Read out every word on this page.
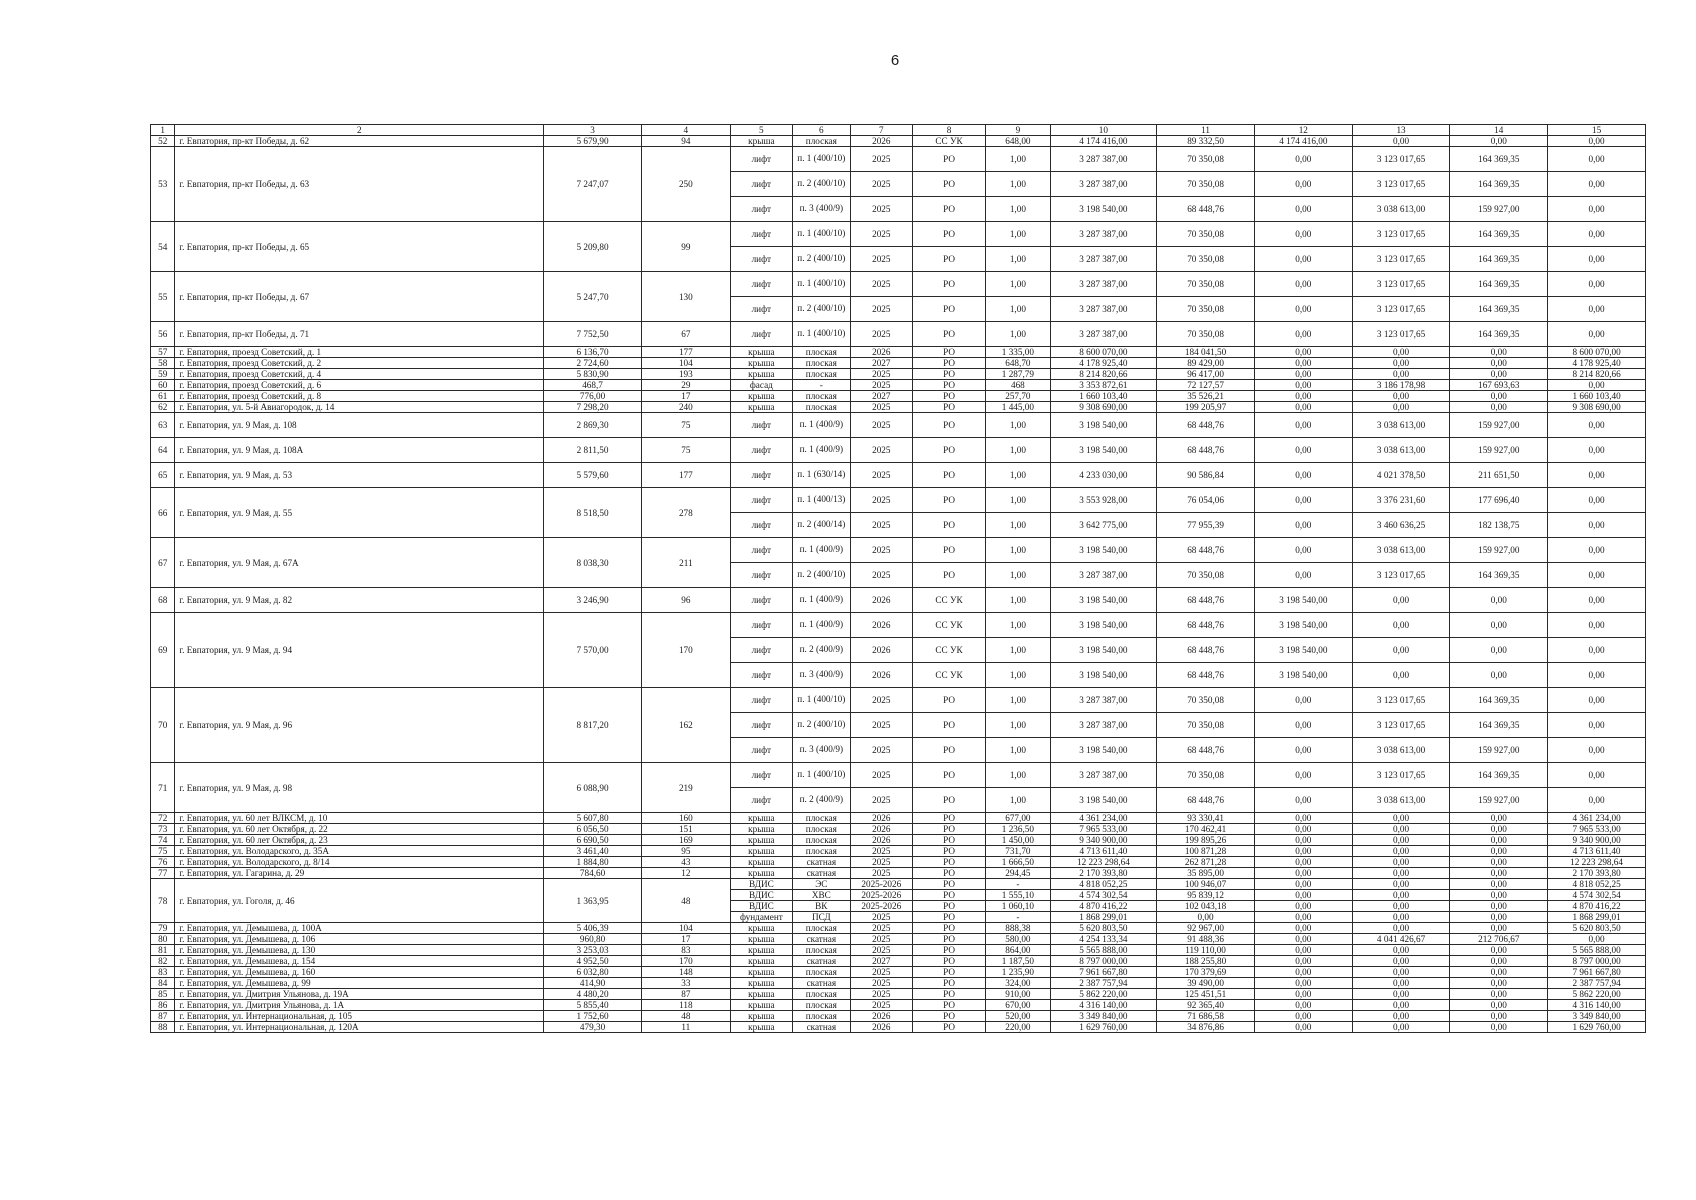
6
1	2	3	4	5	6	7	8	9	10	11	12	13	14	15
52	г. Евпатория, пр-кт Победы, д. 62	5 679,90	94	крыша	плоская	2026	СС УК	648,00	4 174 416,00	89 332,50	4 174 416,00	0,00	0,00	0,00
53	г. Евпатория, пр-кт Победы, д. 63	7 247,07	250	лифт	п. 1 (400/10)	2025	РО	1,00	3 287 387,00	70 350,08	0,00	3 123 017,65	164 369,35	0,00
				лифт	п. 2 (400/10)	2025	РО	1,00	3 287 387,00	70 350,08	0,00	3 123 017,65	164 369,35	0,00
				лифт	п. 3 (400/9)	2025	РО	1,00	3 198 540,00	68 448,76	0,00	3 038 613,00	159 927,00	0,00
54	г. Евпатория, пр-кт Победы, д. 65	5 209,80	99	лифт	п. 1 (400/10)	2025	РО	1,00	3 287 387,00	70 350,08	0,00	3 123 017,65	164 369,35	0,00
				лифт	п. 2 (400/10)	2025	РО	1,00	3 287 387,00	70 350,08	0,00	3 123 017,65	164 369,35	0,00
55	г. Евпатория, пр-кт Победы, д. 67	5 247,70	130	лифт	п. 1 (400/10)	2025	РО	1,00	3 287 387,00	70 350,08	0,00	3 123 017,65	164 369,35	0,00
				лифт	п. 2 (400/10)	2025	РО	1,00	3 287 387,00	70 350,08	0,00	3 123 017,65	164 369,35	0,00
56	г. Евпатория, пр-кт Победы, д. 71	7 752,50	67	лифт	п. 1 (400/10)	2025	РО	1,00	3 287 387,00	70 350,08	0,00	3 123 017,65	164 369,35	0,00
57	г. Евпатория, проезд Советский, д. 1	6 136,70	177	крыша	плоская	2026	РО	1 335,00	8 600 070,00	184 041,50	0,00	0,00	0,00	8 600 070,00
58	г. Евпатория, проезд Советский, д. 2	2 724,60	104	крыша	плоская	2027	РО	648,70	4 178 925,40	89 429,00	0,00	0,00	0,00	4 178 925,40
59	г. Евпатория, проезд Советский, д. 4	5 830,90	193	крыша	плоская	2025	РО	1 287,79	8 214 820,66	96 417,00	0,00	0,00	0,00	8 214 820,66
60	г. Евпатория, проезд Советский, д. 6	468,7	29	фасад	-	2025	РО	468	3 353 872,61	72 127,57	0,00	3 186 178,98	167 693,63	0,00
61	г. Евпатория, проезд Советский, д. 8	776,00	17	крыша	плоская	2027	РО	257,70	1 660 103,40	35 526,21	0,00	0,00	0,00	1 660 103,40
62	г. Евпатория, ул. 5-й Авиагородок, д. 14	7 298,20	240	крыша	плоская	2025	РО	1 445,00	9 308 690,00	199 205,97	0,00	0,00	0,00	9 308 690,00
63	г. Евпатория, ул. 9 Мая, д. 108	2 869,30	75	лифт	п. 1 (400/9)	2025	РО	1,00	3 198 540,00	68 448,76	0,00	3 038 613,00	159 927,00	0,00
64	г. Евпатория, ул. 9 Мая, д. 108А	2 811,50	75	лифт	п. 1 (400/9)	2025	РО	1,00	3 198 540,00	68 448,76	0,00	3 038 613,00	159 927,00	0,00
65	г. Евпатория, ул. 9 Мая, д. 53	5 579,60	177	лифт	п. 1 (630/14)	2025	РО	1,00	4 233 030,00	90 586,84	0,00	4 021 378,50	211 651,50	0,00
66	г. Евпатория, ул. 9 Мая, д. 55	8 518,50	278	лифт	п. 1 (400/13)	2025	РО	1,00	3 553 928,00	76 054,06	0,00	3 376 231,60	177 696,40	0,00
				лифт	п. 2 (400/14)	2025	РО	1,00	3 642 775,00	77 955,39	0,00	3 460 636,25	182 138,75	0,00
67	г. Евпатория, ул. 9 Мая, д. 67А	8 038,30	211	лифт	п. 1 (400/9)	2025	РО	1,00	3 198 540,00	68 448,76	0,00	3 038 613,00	159 927,00	0,00
				лифт	п. 2 (400/10)	2025	РО	1,00	3 287 387,00	70 350,08	0,00	3 123 017,65	164 369,35	0,00
68	г. Евпатория, ул. 9 Мая, д. 82	3 246,90	96	лифт	п. 1 (400/9)	2026	СС УК	1,00	3 198 540,00	68 448,76	3 198 540,00	0,00	0,00	0,00
69	г. Евпатория, ул. 9 Мая, д. 94	7 570,00	170	лифт	п. 1 (400/9)	2026	СС УК	1,00	3 198 540,00	68 448,76	3 198 540,00	0,00	0,00	0,00
				лифт	п. 2 (400/9)	2026	СС УК	1,00	3 198 540,00	68 448,76	3 198 540,00	0,00	0,00	0,00
				лифт	п. 3 (400/9)	2026	СС УК	1,00	3 198 540,00	68 448,76	3 198 540,00	0,00	0,00	0,00
70	г. Евпатория, ул. 9 Мая, д. 96	8 817,20	162	лифт	п. 1 (400/10)	2025	РО	1,00	3 287 387,00	70 350,08	0,00	3 123 017,65	164 369,35	0,00
				лифт	п. 2 (400/10)	2025	РО	1,00	3 287 387,00	70 350,08	0,00	3 123 017,65	164 369,35	0,00
				лифт	п. 3 (400/9)	2025	РО	1,00	3 198 540,00	68 448,76	0,00	3 038 613,00	159 927,00	0,00
71	г. Евпатория, ул. 9 Мая, д. 98	6 088,90	219	лифт	п. 1 (400/10)	2025	РО	1,00	3 287 387,00	70 350,08	0,00	3 123 017,65	164 369,35	0,00
				лифт	п. 2 (400/9)	2025	РО	1,00	3 198 540,00	68 448,76	0,00	3 038 613,00	159 927,00	0,00
72	г. Евпатория, ул. 60 лет ВЛКСМ, д. 10	5 607,80	160	крыша	плоская	2026	РО	677,00	4 361 234,00	93 330,41	0,00	0,00	0,00	4 361 234,00
73	г. Евпатория, ул. 60 лет Октября, д. 22	6 056,50	151	крыша	плоская	2026	РО	1 236,50	7 965 533,00	170 462,41	0,00	0,00	0,00	7 965 533,00
74	г. Евпатория, ул. 60 лет Октября, д. 23	6 690,50	169	крыша	плоская	2026	РО	1 450,00	9 340 900,00	199 895,26	0,00	0,00	0,00	9 340 900,00
75	г. Евпатория, ул. Володарского, д. 35А	3 461,40	95	крыша	плоская	2025	РО	731,70	4 713 611,40	100 871,28	0,00	0,00	0,00	4 713 611,40
76	г. Евпатория, ул. Володарского, д. 8/14	1 884,80	43	крыша	скатная	2025	РО	1 666,50	12 223 298,64	262 871,28	0,00	0,00	0,00	12 223 298,64
77	г. Евпатория, ул. Гагарина, д. 29	784,60	12	крыша	скатная	2025	РО	294,45	2 170 393,80	35 895,00	0,00	0,00	0,00	2 170 393,80
78	г. Евпатория, ул. Гоголя, д. 46	1 363,95	48	ВДИС	ЭС	2025-2026	РО	-	4 818 052,25	100 946,07	0,00	0,00	0,00	4 818 052,25
				ВДИС	ХВС	2025-2026	РО	1 555,10	4 574 302,54	95 839,12	0,00	0,00	0,00	4 574 302,54
				ВДИС	ВК	2025-2026	РО	1 060,10	4 870 416,22	102 043,18	0,00	0,00	0,00	4 870 416,22
				фундамент	ПСД	2025	РО	-	1 868 299,01	0,00	0,00	0,00	0,00	1 868 299,01
79	г. Евпатория, ул. Демышева, д. 100А	5 406,39	104	крыша	плоская	2025	РО	888,38	5 620 803,50	92 967,00	0,00	0,00	0,00	5 620 803,50
80	г. Евпатория, ул. Демышева, д. 106	960,80	17	крыша	скатная	2025	РО	580,00	4 254 133,34	91 488,36	0,00	4 041 426,67	212 706,67	0,00
81	г. Евпатория, ул. Демышева, д. 130	3 253,03	83	крыша	плоская	2025	РО	864,00	5 565 888,00	119 110,00	0,00	0,00	0,00	5 565 888,00
82	г. Евпатория, ул. Демышева, д. 154	4 952,50	170	крыша	скатная	2027	РО	1 187,50	8 797 000,00	188 255,80	0,00	0,00	0,00	8 797 000,00
83	г. Евпатория, ул. Демышева, д. 160	6 032,80	148	крыша	плоская	2025	РО	1 235,90	7 961 667,80	170 379,69	0,00	0,00	0,00	7 961 667,80
84	г. Евпатория, ул. Демышева, д. 99	414,90	33	крыша	скатная	2025	РО	324,00	2 387 757,94	39 490,00	0,00	0,00	0,00	2 387 757,94
85	г. Евпатория, ул. Дмитрия Ульянова, д. 19А	4 480,20	87	крыша	плоская	2025	РО	910,00	5 862 220,00	125 451,51	0,00	0,00	0,00	5 862 220,00
86	г. Евпатория, ул. Дмитрия Ульянова, д. 1А	5 855,40	118	крыша	плоская	2025	РО	670,00	4 316 140,00	92 365,40	0,00	0,00	0,00	4 316 140,00
87	г. Евпатория, ул. Интернациональная, д. 105	1 752,60	48	крыша	плоская	2026	РО	520,00	3 349 840,00	71 686,58	0,00	0,00	0,00	3 349 840,00
88	г. Евпатория, ул. Интернациональная, д. 120А	479,30	11	крыша	скатная	2026	РО	220,00	1 629 760,00	34 876,86	0,00	0,00	0,00	1 629 760,00
